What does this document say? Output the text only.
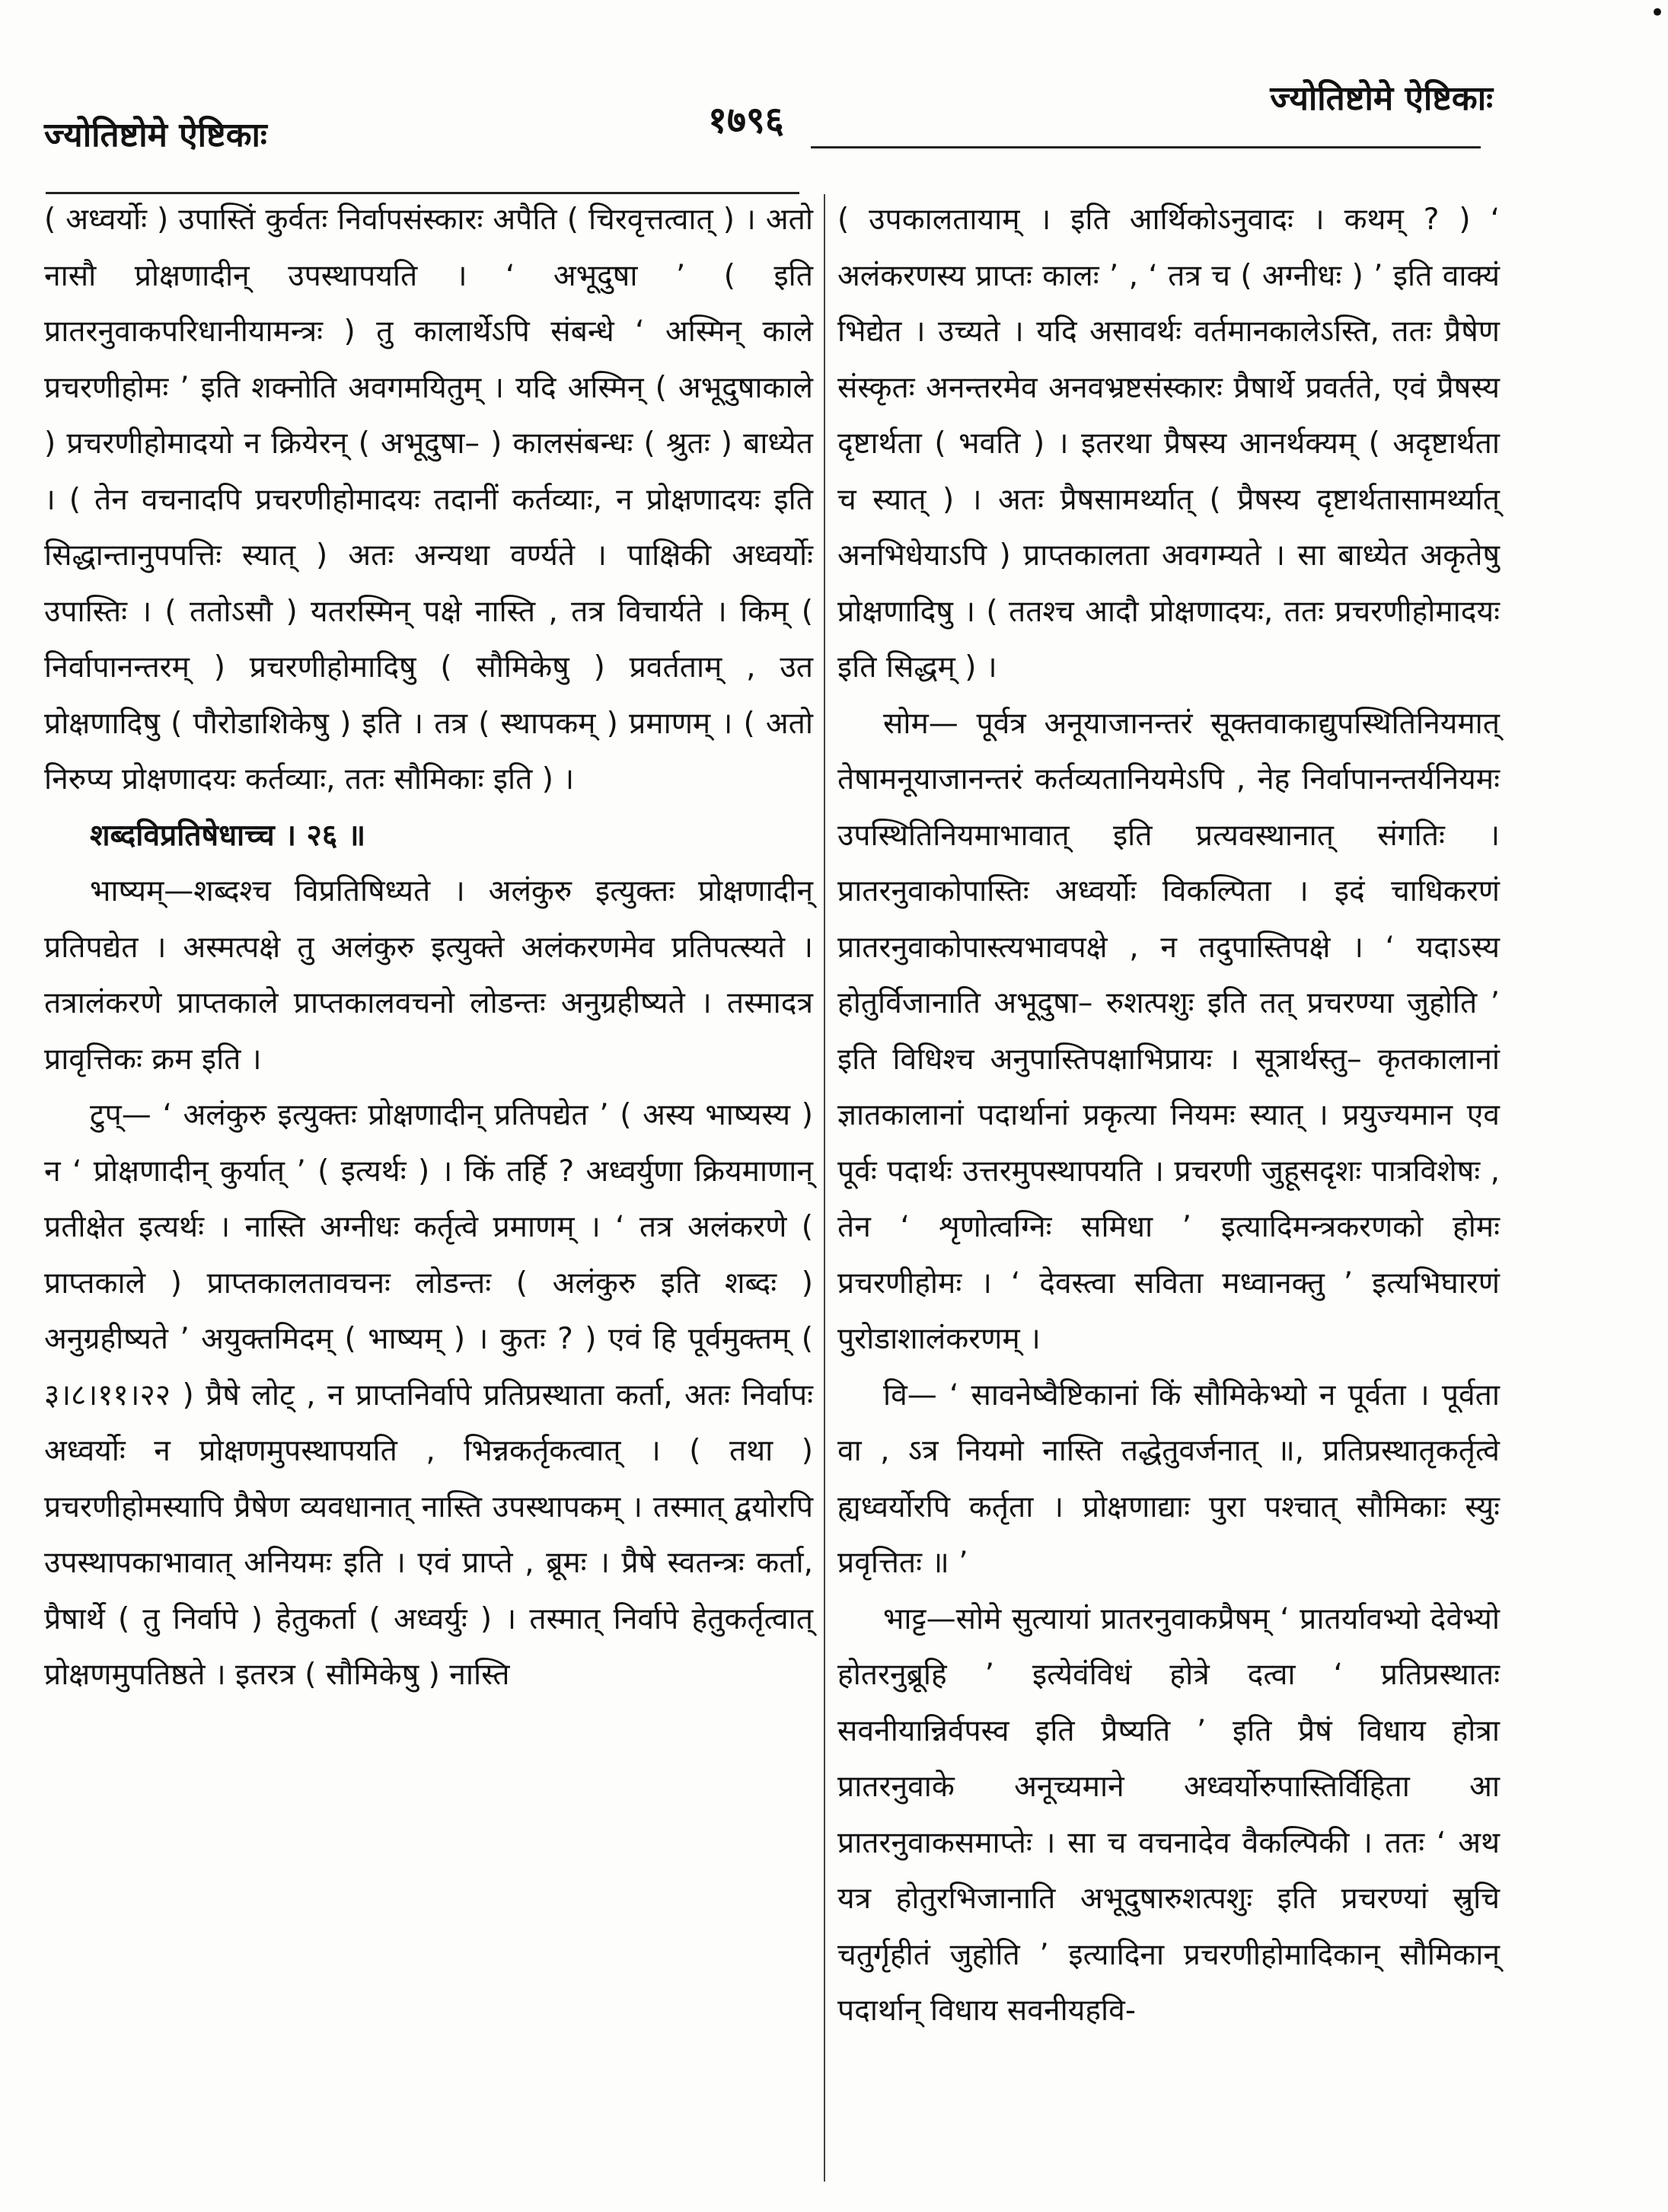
•
ज्योतिष्टोमे ऐष्टिकाः	१७९६
ज्योतिष्टोमे ऐष्टिकाः

( अध्वर्योः ) उपास्तिं कुर्वतः निर्वापसंस्कारः अपैति ( चिरवृत्तत्वात् ) । अतो नासौ प्रोक्षणादीन् उपस्थापयति । ‘ अभूदुषा ’ ( इति प्रातरनुवाकपरिधानीयामन्त्रः ) तु कालार्थेऽपि संबन्धे ‘ अस्मिन् काले प्रचरणीहोमः ’ इति शक्नोति अवगमयितुम् । यदि अस्मिन् ( अभूदुषाकाले ) प्रचरणीहोमादयो न क्रियेरन् ( अभूदुषा– ) कालसंबन्धः ( श्रुतः ) बाध्येत । ( तेन वचनादपि प्रचरणीहोमादयः तदानीं कर्तव्याः, न प्रोक्षणादयः इति सिद्धान्तानुपपत्तिः स्यात् ) अतः अन्यथा वर्ण्यते । पाक्षिकी अध्वर्योः उपास्तिः । ( ततोऽसौ ) यतरस्मिन् पक्षे नास्ति , तत्र विचार्यते । किम् ( निर्वापानन्तरम् ) प्रचरणीहोमादिषु ( सौमिकेषु ) प्रवर्तताम् , उत प्रोक्षणादिषु ( पौरोडाशिकेषु ) इति । तत्र ( स्थापकम् ) प्रमाणम् । ( अतो निरुप्य प्रोक्षणादयः कर्तव्याः, ततः सौमिकाः इति ) ।

शब्दविप्रतिषेधाच्च । २६ ॥

भाष्यम्—शब्दश्च विप्रतिषिध्यते । अलंकुरु इत्युक्तः प्रोक्षणादीन् प्रतिपद्येत । अस्मत्पक्षे तु अलंकुरु इत्युक्ते अलंकरणमेव प्रतिपत्स्यते । तत्रालंकरणे प्राप्तकाले प्राप्तकालवचनो लोडन्तः अनुग्रहीष्यते । तस्मादत्र प्रावृत्तिकः क्रम इति ।

टुप्— ‘ अलंकुरु इत्युक्तः प्रोक्षणादीन् प्रतिपद्येत ’ ( अस्य भाष्यस्य ) न ‘ प्रोक्षणादीन् कुर्यात् ’ ( इत्यर्थः ) । किं तर्हि ? अध्वर्युणा क्रियमाणान् प्रतीक्षेत इत्यर्थः । नास्ति अग्नीधः कर्तृत्वे प्रमाणम् । ‘ तत्र अलंकरणे ( प्राप्तकाले ) प्राप्तकालतावचनः लोडन्तः ( अलंकुरु इति शब्दः ) अनुग्रहीष्यते ’ अयुक्तमिदम् ( भाष्यम् ) । कुतः ? ) एवं हि पूर्वमुक्तम् ( ३।८।११।२२ ) प्रैषे लोट् , न प्राप्तनिर्वापे प्रतिप्रस्थाता कर्ता, अतः निर्वापः अध्वर्योः न प्रोक्षणमुपस्थापयति , भिन्नकर्तृकत्वात् । ( तथा ) प्रचरणीहोमस्यापि प्रैषेण व्यवधानात् नास्ति उपस्थापकम् । तस्मात् द्वयोरपि उपस्थापकाभावात् अनियमः इति । एवं प्राप्ते , ब्रूमः । प्रैषे स्वतन्त्रः कर्ता, प्रैषार्थे ( तु निर्वापे ) हेतुकर्ता ( अध्वर्युः ) । तस्मात् निर्वापे हेतुकर्तृत्वात् प्रोक्षणमुपतिष्ठते । इतरत्र ( सौमिकेषु ) नास्ति

( उपकालतायाम् । इति आर्थिकोऽनुवादः । कथम् ? ) ‘ अलंकरणस्य प्राप्तः कालः ’ , ‘ तत्र च ( अग्नीधः ) ’ इति वाक्यं भिद्येत । उच्यते । यदि असावर्थः वर्तमानकालेऽस्ति, ततः प्रैषेण संस्कृतः अनन्तरमेव अनवभ्रष्टसंस्कारः प्रैषार्थे प्रवर्तते, एवं प्रैषस्य दृष्टार्थता ( भवति ) । इतरथा प्रैषस्य आनर्थक्यम् ( अदृष्टार्थता च स्यात् ) । अतः प्रैषसामर्थ्यात् ( प्रैषस्य दृष्टार्थतासामर्थ्यात् अनभिधेयाऽपि ) प्राप्तकालता अवगम्यते । सा बाध्येत अकृतेषु प्रोक्षणादिषु । ( ततश्च आदौ प्रोक्षणादयः, ततः प्रचरणीहोमादयः इति सिद्धम् ) ।

सोम— पूर्वत्र अनूयाजानन्तरं सूक्तवाकाद्युपस्थितिनियमात् तेषामनूयाजानन्तरं कर्तव्यतानियमेऽपि , नेह निर्वापानन्तर्यनियमः उपस्थितिनियमाभावात् इति प्रत्यवस्थानात् संगतिः । प्रातरनुवाकोपास्तिः अध्वर्योः विकल्पिता । इदं चाधिकरणं प्रातरनुवाकोपास्त्यभावपक्षे , न तदुपास्तिपक्षे । ‘ यदाऽस्य होतुर्विजानाति अभूदुषा– रुशत्पशुः इति तत् प्रचरण्या जुहोति ’ इति विधिश्च अनुपास्तिपक्षाभिप्रायः । सूत्रार्थस्तु– कृतकालानां ज्ञातकालानां पदार्थानां प्रकृत्या नियमः स्यात् । प्रयुज्यमान एव पूर्वः पदार्थः उत्तरमुपस्थापयति । प्रचरणी जुहूसदृशः पात्रविशेषः , तेन ‘ शृणोत्वग्निः समिधा ’ इत्यादिमन्त्रकरणको होमः प्रचरणीहोमः । ‘ देवस्त्वा सविता मध्वानक्तु ’ इत्यभिघारणं पुरोडाशालंकरणम् ।

वि— ‘ सावनेष्वैष्टिकानां किं सौमिकेभ्यो न पूर्वता । पूर्वता वा , ऽत्र नियमो नास्ति तद्धेतुवर्जनात् ॥, प्रतिप्रस्थातृकर्तृत्वे ह्यध्वर्योरपि कर्तृता । प्रोक्षणाद्याः पुरा पश्चात् सौमिकाः स्युः प्रवृत्तितः ॥ ’

भाट्ट—सोमे सुत्यायां प्रातरनुवाकप्रैषम् ‘ प्रातर्यावभ्यो देवेभ्यो होतरनुब्रूहि ’ इत्येवंविधं होत्रे दत्वा ‘ प्रतिप्रस्थातः सवनीयान्निर्वपस्व इति प्रैष्यति ’ इति प्रैषं विधाय होत्रा प्रातरनुवाके अनूच्यमाने अध्वर्योरुपास्तिर्विहिता आ प्रातरनुवाकसमाप्तेः । सा च वचनादेव वैकल्पिकी । ततः ‘ अथ यत्र होतुरभिजानाति अभूदुषारुशत्पशुः इति प्रचरण्यां स्रुचि चतुर्गृहीतं जुहोति ’ इत्यादिना प्रचरणीहोमादिकान् सौमिकान् पदार्थान् विधाय सवनीयहवि-
